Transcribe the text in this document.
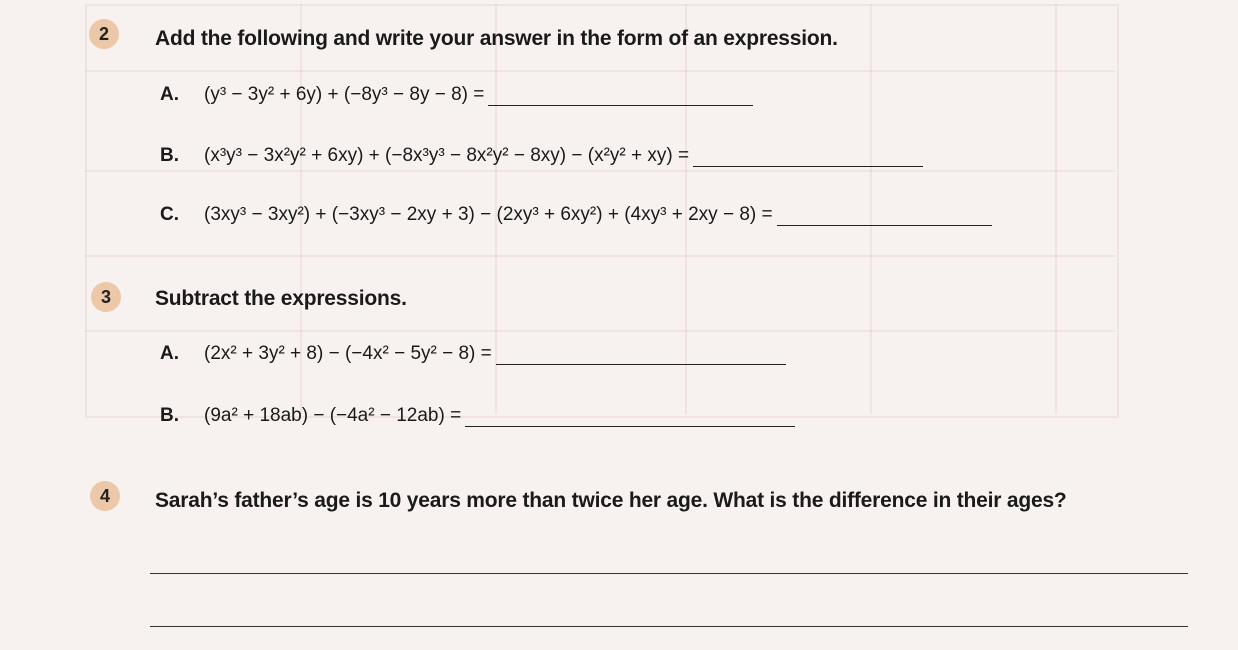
2	Add the following and write your answer in the form of an expression.
A.	(y³ − 3y² + 6y) + (−8y³ − 8y − 8) =
B.	(x³y³ − 3x²y² + 6xy) + (−8x³y³ − 8x²y² − 8xy) − (x²y² + xy) =
C.	(3xy³ − 3xy²) + (−3xy³ − 2xy + 3) − (2xy³ + 6xy²) + (4xy³ + 2xy − 8) =
3	Subtract the expressions.
A.	(2x² + 3y² + 8) − (−4x² − 5y² − 8) =
B.	(9a² + 18ab) − (−4a² − 12ab) =
4	Sarah’s father’s age is 10 years more than twice her age. What is the difference in their ages?
